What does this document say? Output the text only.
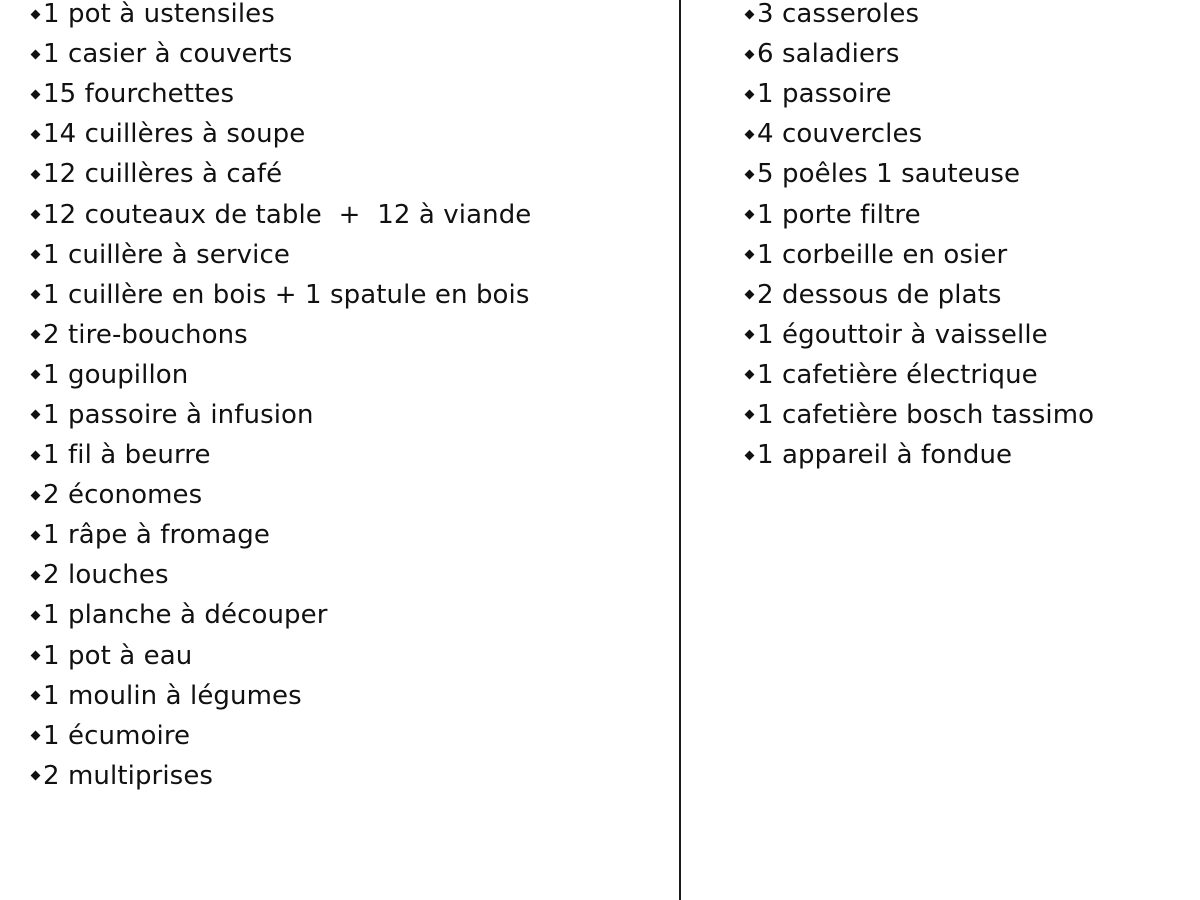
1 pot à ustensiles
1 casier à couverts
15 fourchettes
14 cuillères à soupe
12 cuillères à café
12 couteaux de table  +  12 à viande
1 cuillère à service
1 cuillère en bois + 1 spatule en bois
2 tire-bouchons
1 goupillon
1 passoire à infusion
1 fil à beurre
2 économes
1 râpe à fromage
2 louches
1 planche à découper
1 pot à eau
1 moulin à légumes
1 écumoire
2 multiprises
3 casseroles
6 saladiers
1 passoire
4 couvercles
5 poêles 1 sauteuse
1 porte filtre
1 corbeille en osier
2 dessous de plats
1 égouttoir à vaisselle
1 cafetière électrique
1 cafetière bosch tassimo
1 appareil à fondue
